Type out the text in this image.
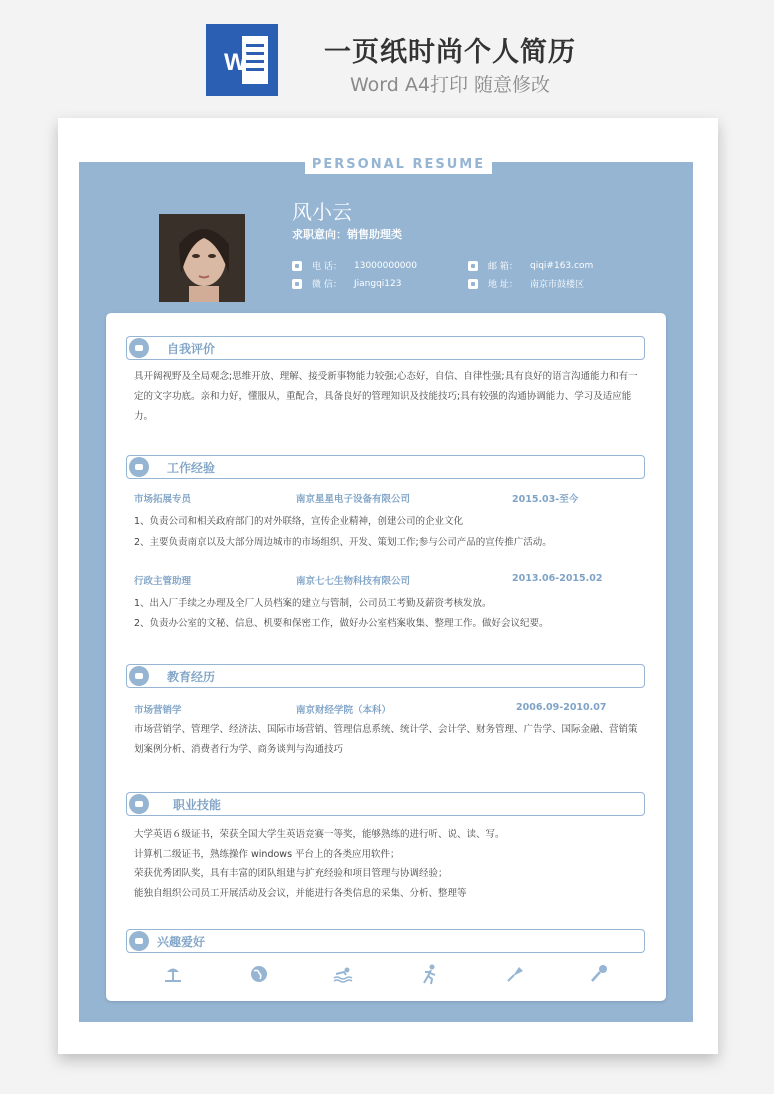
W	一页纸时尚个人简历
Word A4打印 随意修改
PERSONAL RESUME
风小云
求职意向：销售助理类
电 话：	13000000000	邮 箱：	qiqi#163.com
微 信：	Jiangqi123	地 址：	南京市鼓楼区
自我评价
具开阔视野及全局观念;思维开放、理解、接受新事物能力较强;心态好，自信、自律性强;具有良好的语言沟通能力和有一定的文字功底。亲和力好，懂服从，重配合，具备良好的管理知识及技能技巧;具有较强的沟通协调能力、学习及适应能力。
工作经验
市场拓展专员	南京星星电子设备有限公司	2015.03-至今
1、负责公司和相关政府部门的对外联络，宣传企业精神，创建公司的企业文化
2、主要负责南京以及大部分周边城市的市场组织、开发、策划工作;参与公司产品的宣传推广活动。
行政主管助理	南京七七生物科技有限公司	2013.06-2015.02
1、出入厂手续之办理及全厂人员档案的建立与管制，公司员工考勤及薪资考核发放。
2、负责办公室的文秘、信息、机要和保密工作，做好办公室档案收集、整理工作。做好会议纪要。
教育经历
市场营销学	南京财经学院（本科）	2006.09-2010.07
市场营销学、管理学、经济法、国际市场营销、管理信息系统、统计学、会计学、财务管理、广告学、国际金融、营销策划案例分析、消费者行为学、商务谈判与沟通技巧
职业技能
大学英语６级证书，荣获全国大学生英语竞赛一等奖，能够熟练的进行听、说、读、写。
计算机二级证书，熟练操作 windows 平台上的各类应用软件；
荣获优秀团队奖，具有丰富的团队组建与扩充经验和项目管理与协调经验；
能独自组织公司员工开展活动及会议，并能进行各类信息的采集、分析、整理等
兴趣爱好
